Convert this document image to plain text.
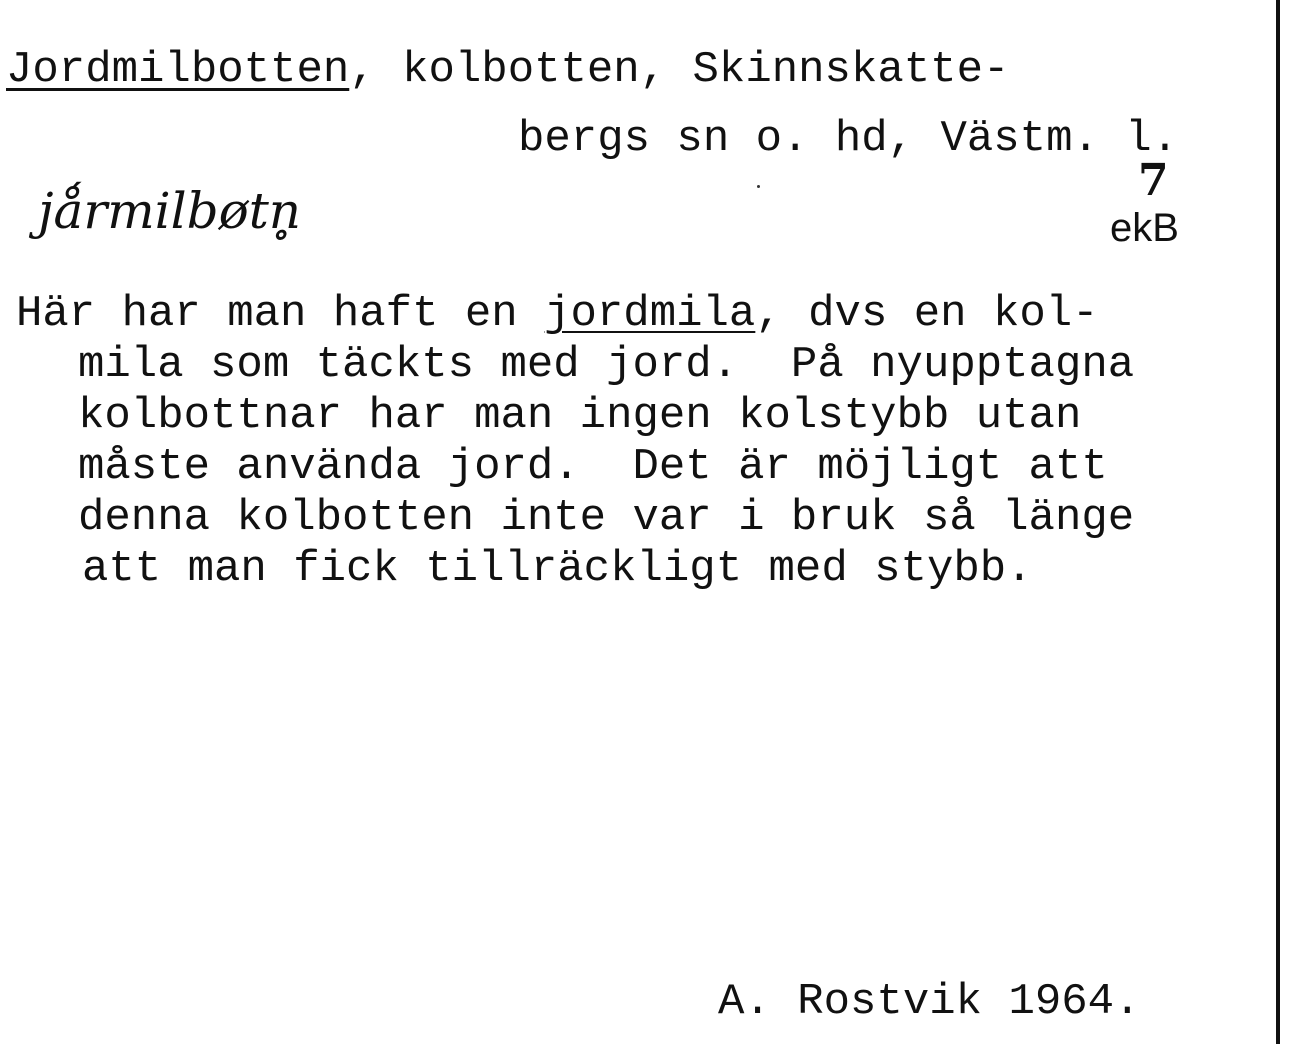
Jordmilbotten, kolbotten, Skinnskatte-
bergs sn o. hd, Västm. l.
jǻrmilbøtn̥
7
ekB
Här har man haft en jordmila, dvs en kol-
mila som täckts med jord.  På nyupptagna
kolbottnar har man ingen kolstybb utan
måste använda jord.  Det är möjligt att
denna kolbotten inte var i bruk så länge
att man fick tillräckligt med stybb.
A. Rostvik 1964.
